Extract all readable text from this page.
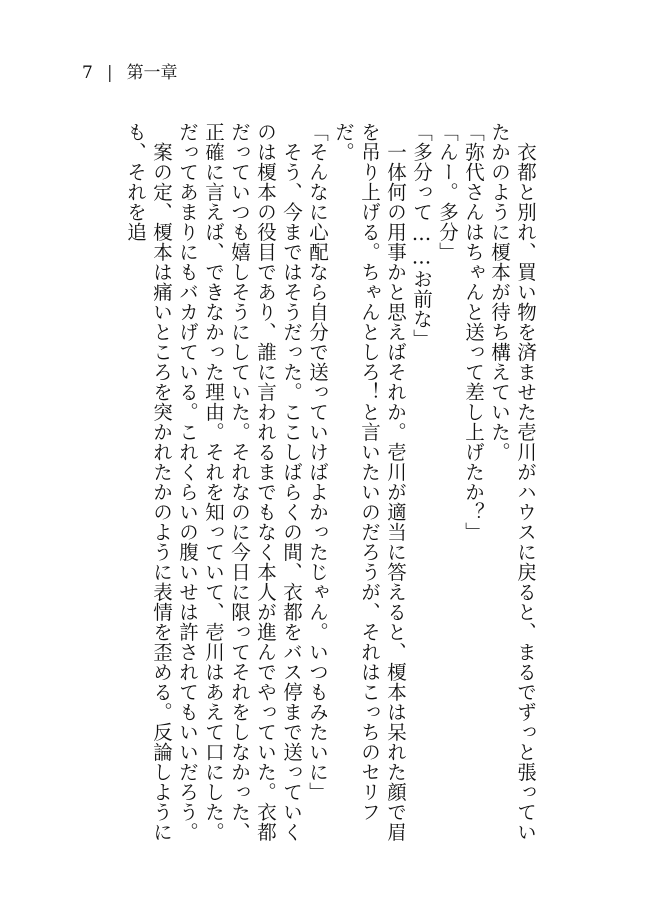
7 | 第一章

衣都と別れ、買い物を済ませた壱川がハウスに戻ると、まるでずっと張っていたかのように榎本が待ち構えていた。

「弥代さんはちゃんと送って差し上げたか？」

「んー。多分」

「多分って……お前な」

一体何の用事かと思えばそれか。壱川が適当に答えると、榎本は呆れた顔で眉を吊り上げる。ちゃんとしろ！と言いたいのだろうが、それはこっちのセリフだ。

「そんなに心配なら自分で送っていけばよかったじゃん。いつもみたいに」

そう、今まではそうだった。ここしばらくの間、衣都をバス停まで送っていくのは榎本の役目であり、誰に言われるまでもなく本人が進んでやっていた。衣都だっていつも嬉しそうにしていた。それなのに今日に限ってそれをしなかった、正確に言えば、できなかった理由。それを知っていて、壱川はあえて口にした。だってあまりにもバカげている。これくらいの腹いせは許されてもいいだろう。

案の定、榎本は痛いところを突かれたかのように表情を歪める。反論しようにも、それを追
